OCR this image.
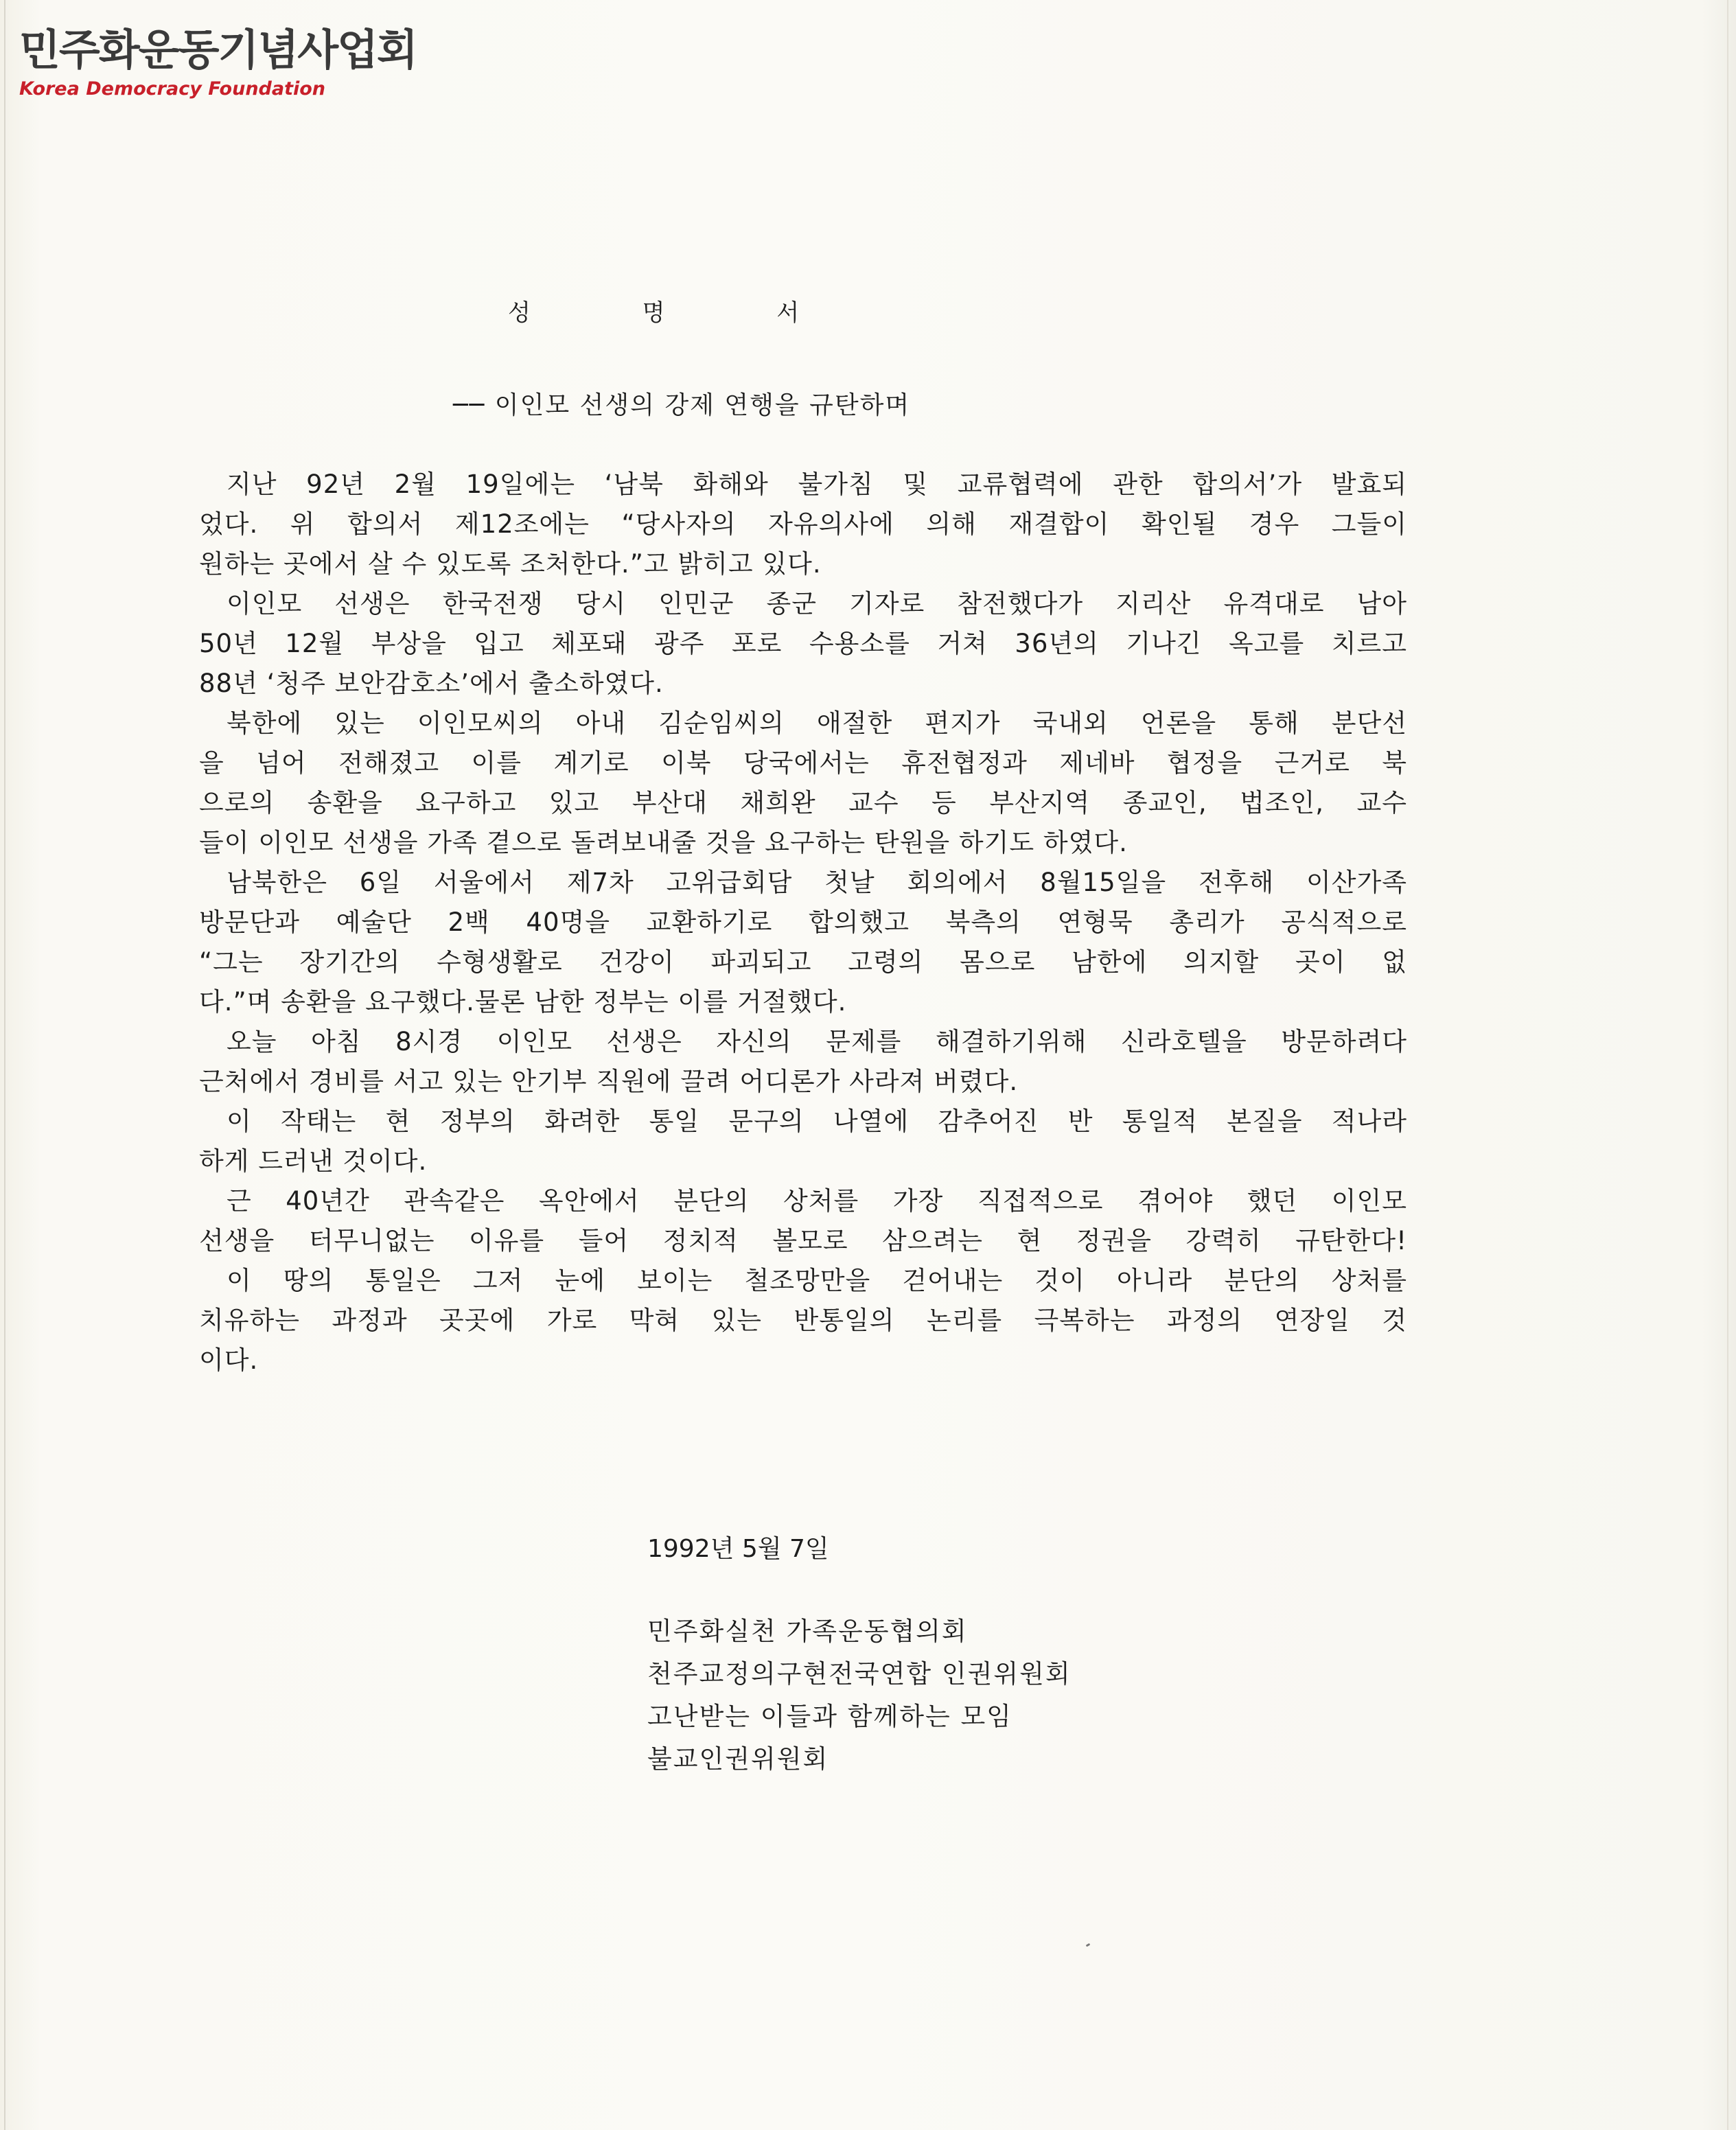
민주화운동기념사업회
Korea Democracy Foundation
성 명 서
── 이인모 선생의 강제 연행을 규탄하며
지난 92년 2월 19일에는 ‘남북 화해와 불가침 및 교류협력에 관한 합의서’가 발효되
었다. 위 합의서 제12조에는 “당사자의 자유의사에 의해 재결합이 확인될 경우 그들이
원하는 곳에서 살 수 있도록 조처한다.”고 밝히고 있다.
이인모 선생은 한국전쟁 당시 인민군 종군 기자로 참전했다가 지리산 유격대로 남아
50년 12월 부상을 입고 체포돼 광주 포로 수용소를 거쳐 36년의 기나긴 옥고를 치르고
88년 ‘청주 보안감호소’에서 출소하였다.
북한에 있는 이인모씨의 아내 김순임씨의 애절한 편지가 국내외 언론을 통해 분단선
을 넘어 전해졌고 이를 계기로 이북 당국에서는 휴전협정과 제네바 협정을 근거로 북
으로의 송환을 요구하고 있고 부산대 채희완 교수 등 부산지역 종교인, 법조인, 교수
들이 이인모 선생을 가족 곁으로 돌려보내줄 것을 요구하는 탄원을 하기도 하였다.
남북한은 6일 서울에서 제7차 고위급회담 첫날 회의에서 8월15일을 전후해 이산가족
방문단과 예술단 2백 40명을 교환하기로 합의했고 북측의 연형묵 총리가 공식적으로
“그는 장기간의 수형생활로 건강이 파괴되고 고령의 몸으로 남한에 의지할 곳이 없
다.”며 송환을 요구했다.물론 남한 정부는 이를 거절했다.
오늘 아침 8시경 이인모 선생은 자신의 문제를 해결하기위해 신라호텔을 방문하려다
근처에서 경비를 서고 있는 안기부 직원에 끌려 어디론가 사라져 버렸다.
이 작태는 현 정부의 화려한 통일 문구의 나열에 감추어진 반 통일적 본질을 적나라
하게 드러낸 것이다.
근 40년간 관속같은 옥안에서 분단의 상처를 가장 직접적으로 겪어야 했던 이인모
선생을 터무니없는 이유를 들어 정치적 볼모로 삼으려는 현 정권을 강력히 규탄한다!
이 땅의 통일은 그저 눈에 보이는 철조망만을 걷어내는 것이 아니라 분단의 상처를
치유하는 과정과 곳곳에 가로 막혀 있는 반통일의 논리를 극복하는 과정의 연장일 것
이다.
1992년 5월 7일
민주화실천 가족운동협의회
천주교정의구현전국연합 인권위원회
고난받는 이들과 함께하는 모임
불교인권위원회
